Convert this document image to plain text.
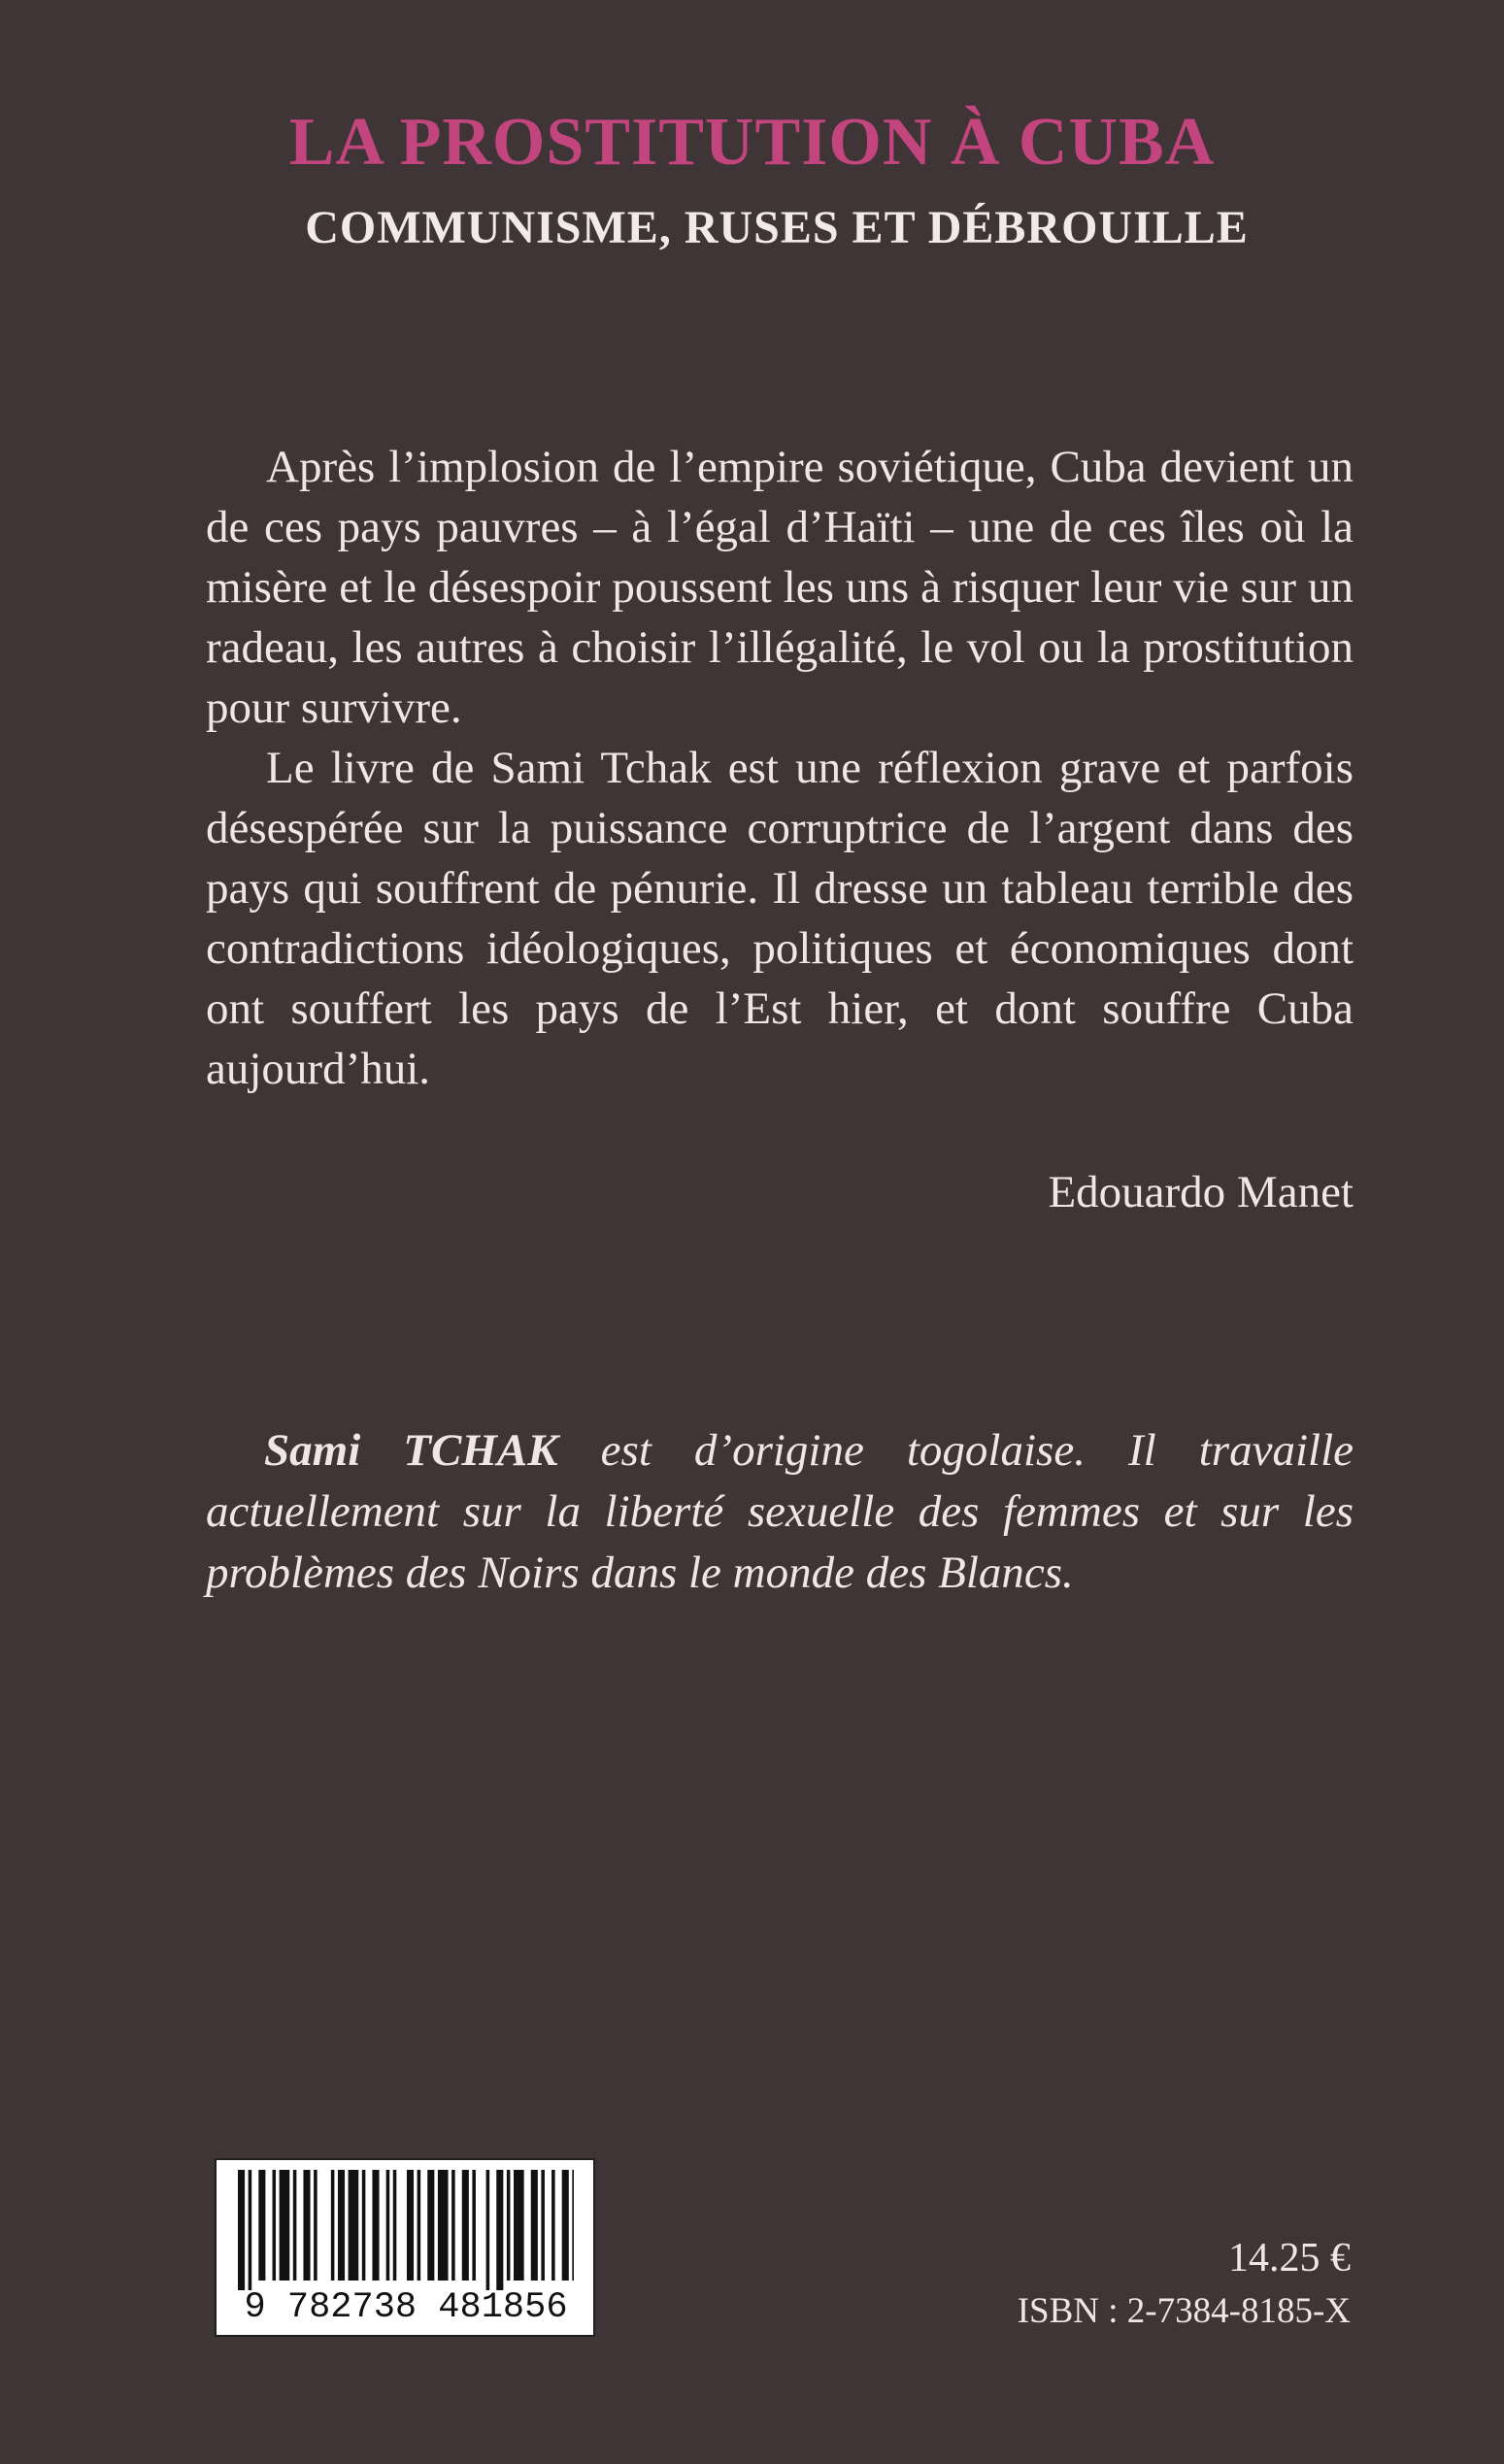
LA PROSTITUTION À CUBA
COMMUNISME, RUSES ET DÉBROUILLE

Après l’implosion de l’empire soviétique, Cuba devient un de ces pays pauvres – à l’égal d’Haïti – une de ces îles où la misère et le désespoir poussent les uns à risquer leur vie sur un radeau, les autres à choisir l’illégalité, le vol ou la prostitution pour survivre.

Le livre de Sami Tchak est une réflexion grave et parfois désespérée sur la puissance corruptrice de l’argent dans des pays qui souffrent de pénurie. Il dresse un tableau terrible des contradictions idéologiques, politiques et économiques dont ont souffert les pays de l’Est hier, et dont souffre Cuba aujourd’hui.

Edouardo Manet
Sami TCHAK est d’origine togolaise. Il travaille actuellement sur la liberté sexuelle des femmes et sur les problèmes des Noirs dans le monde des Blancs.
9 782738 481856
14.25 €
ISBN : 2-7384-8185-X
